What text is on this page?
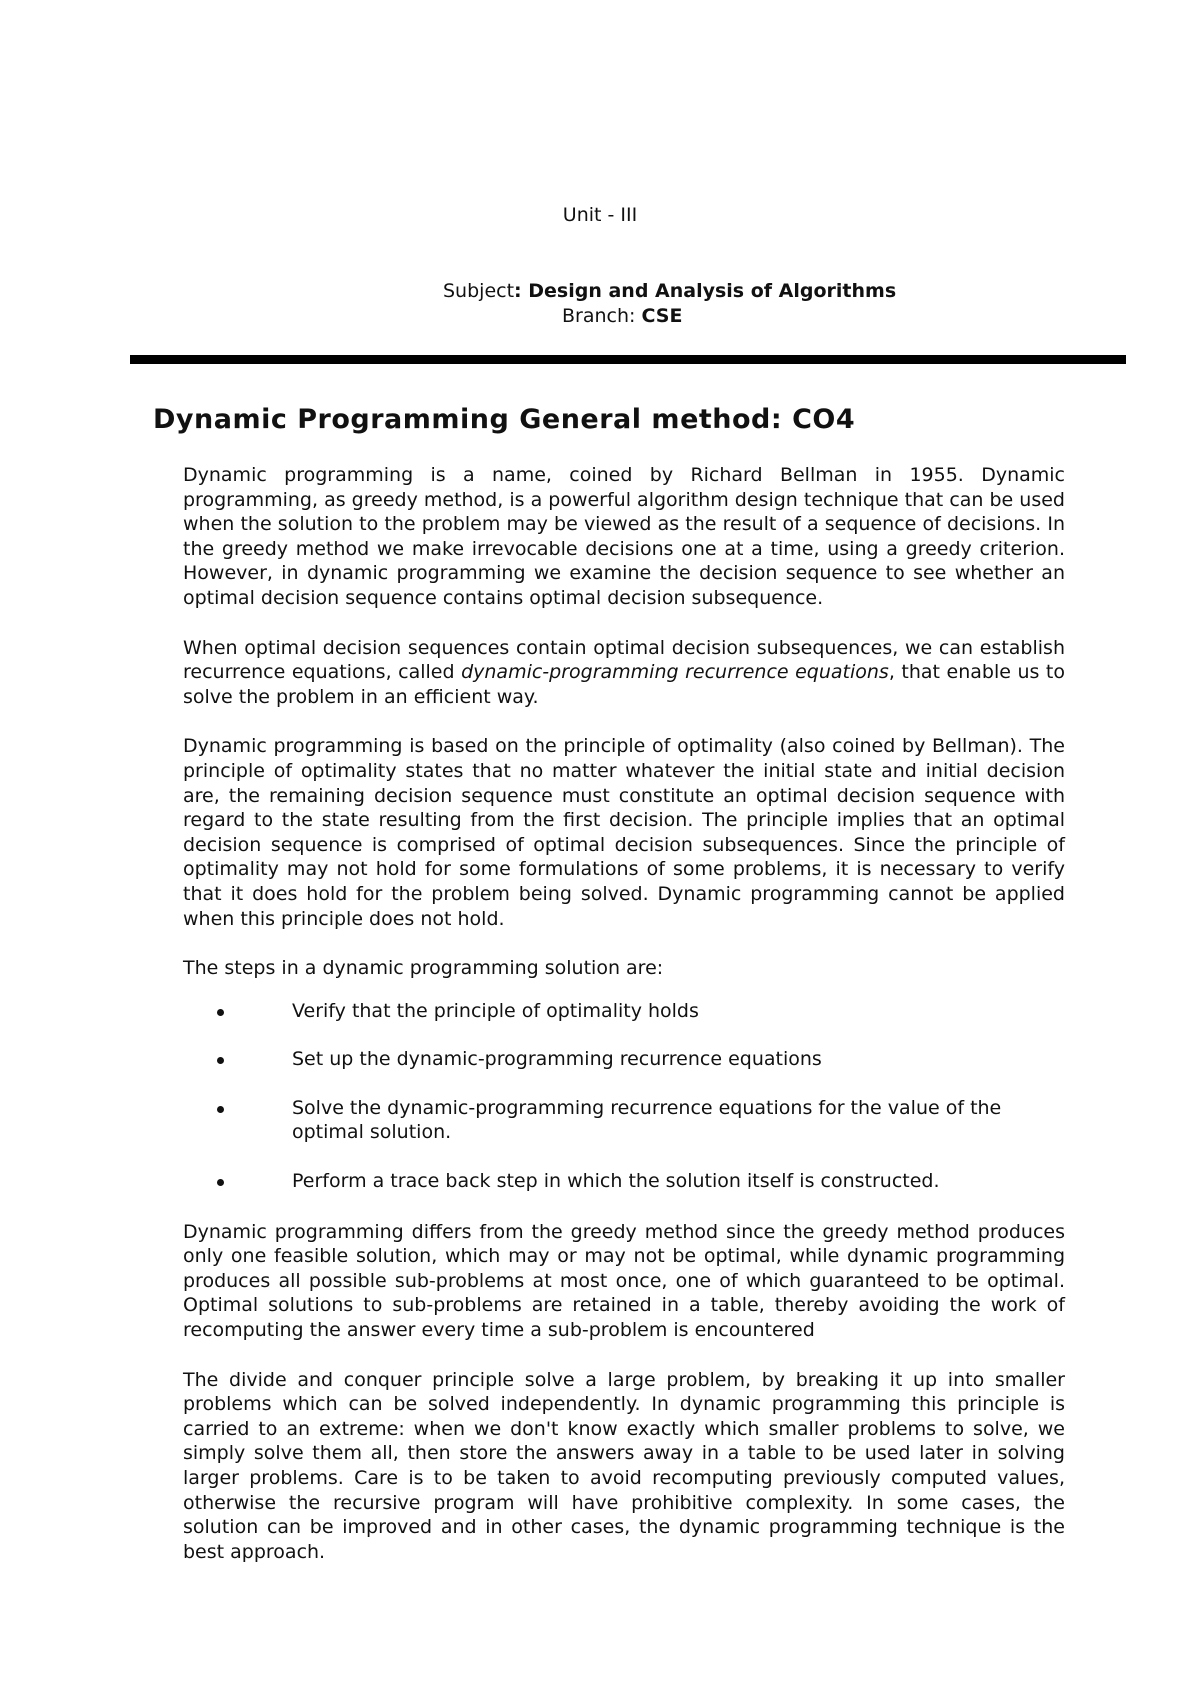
Unit - III
Subject: Design and Analysis of Algorithms
Branch: CSE
Dynamic Programming General method: CO4

Dynamic programming is a name, coined by Richard Bellman in 1955. Dynamic programming, as greedy method, is a powerful algorithm design technique that can be used when the solution to the problem may be viewed as the result of a sequence of decisions. In the greedy method we make irrevocable decisions one at a time, using a greedy criterion. However, in dynamic programming we examine the decision sequence to see whether an optimal decision sequence contains optimal decision subsequence.

When optimal decision sequences contain optimal decision subsequences, we can establish recurrence equations, called dynamic-programming recurrence equations, that enable us to solve the problem in an efficient way.

Dynamic programming is based on the principle of optimality (also coined by Bellman). The principle of optimality states that no matter whatever the initial state and initial decision are, the remaining decision sequence must constitute an optimal decision sequence with regard to the state resulting from the first decision. The principle implies that an optimal decision sequence is comprised of optimal decision subsequences. Since the principle of optimality may not hold for some formulations of some problems, it is necessary to verify that it does hold for the problem being solved. Dynamic programming cannot be applied when this principle does not hold.

The steps in a dynamic programming solution are:

Verify that the principle of optimality holds
Set up the dynamic-programming recurrence equations
Solve the dynamic-programming recurrence equations for the value of the optimal solution.
Perform a trace back step in which the solution itself is constructed.

Dynamic programming differs from the greedy method since the greedy method produces only one feasible solution, which may or may not be optimal, while dynamic programming produces all possible sub-problems at most once, one of which guaranteed to be optimal. Optimal solutions to sub-problems are retained in a table, thereby avoiding the work of recomputing the answer every time a sub-problem is encountered

The divide and conquer principle solve a large problem, by breaking it up into smaller problems which can be solved independently. In dynamic programming this principle is carried to an extreme: when we don't know exactly which smaller problems to solve, we simply solve them all, then store the answers away in a table to be used later in solving larger problems. Care is to be taken to avoid recomputing previously computed values, otherwise the recursive program will have prohibitive complexity. In some cases, the solution can be improved and in other cases, the dynamic programming technique is the best approach.
